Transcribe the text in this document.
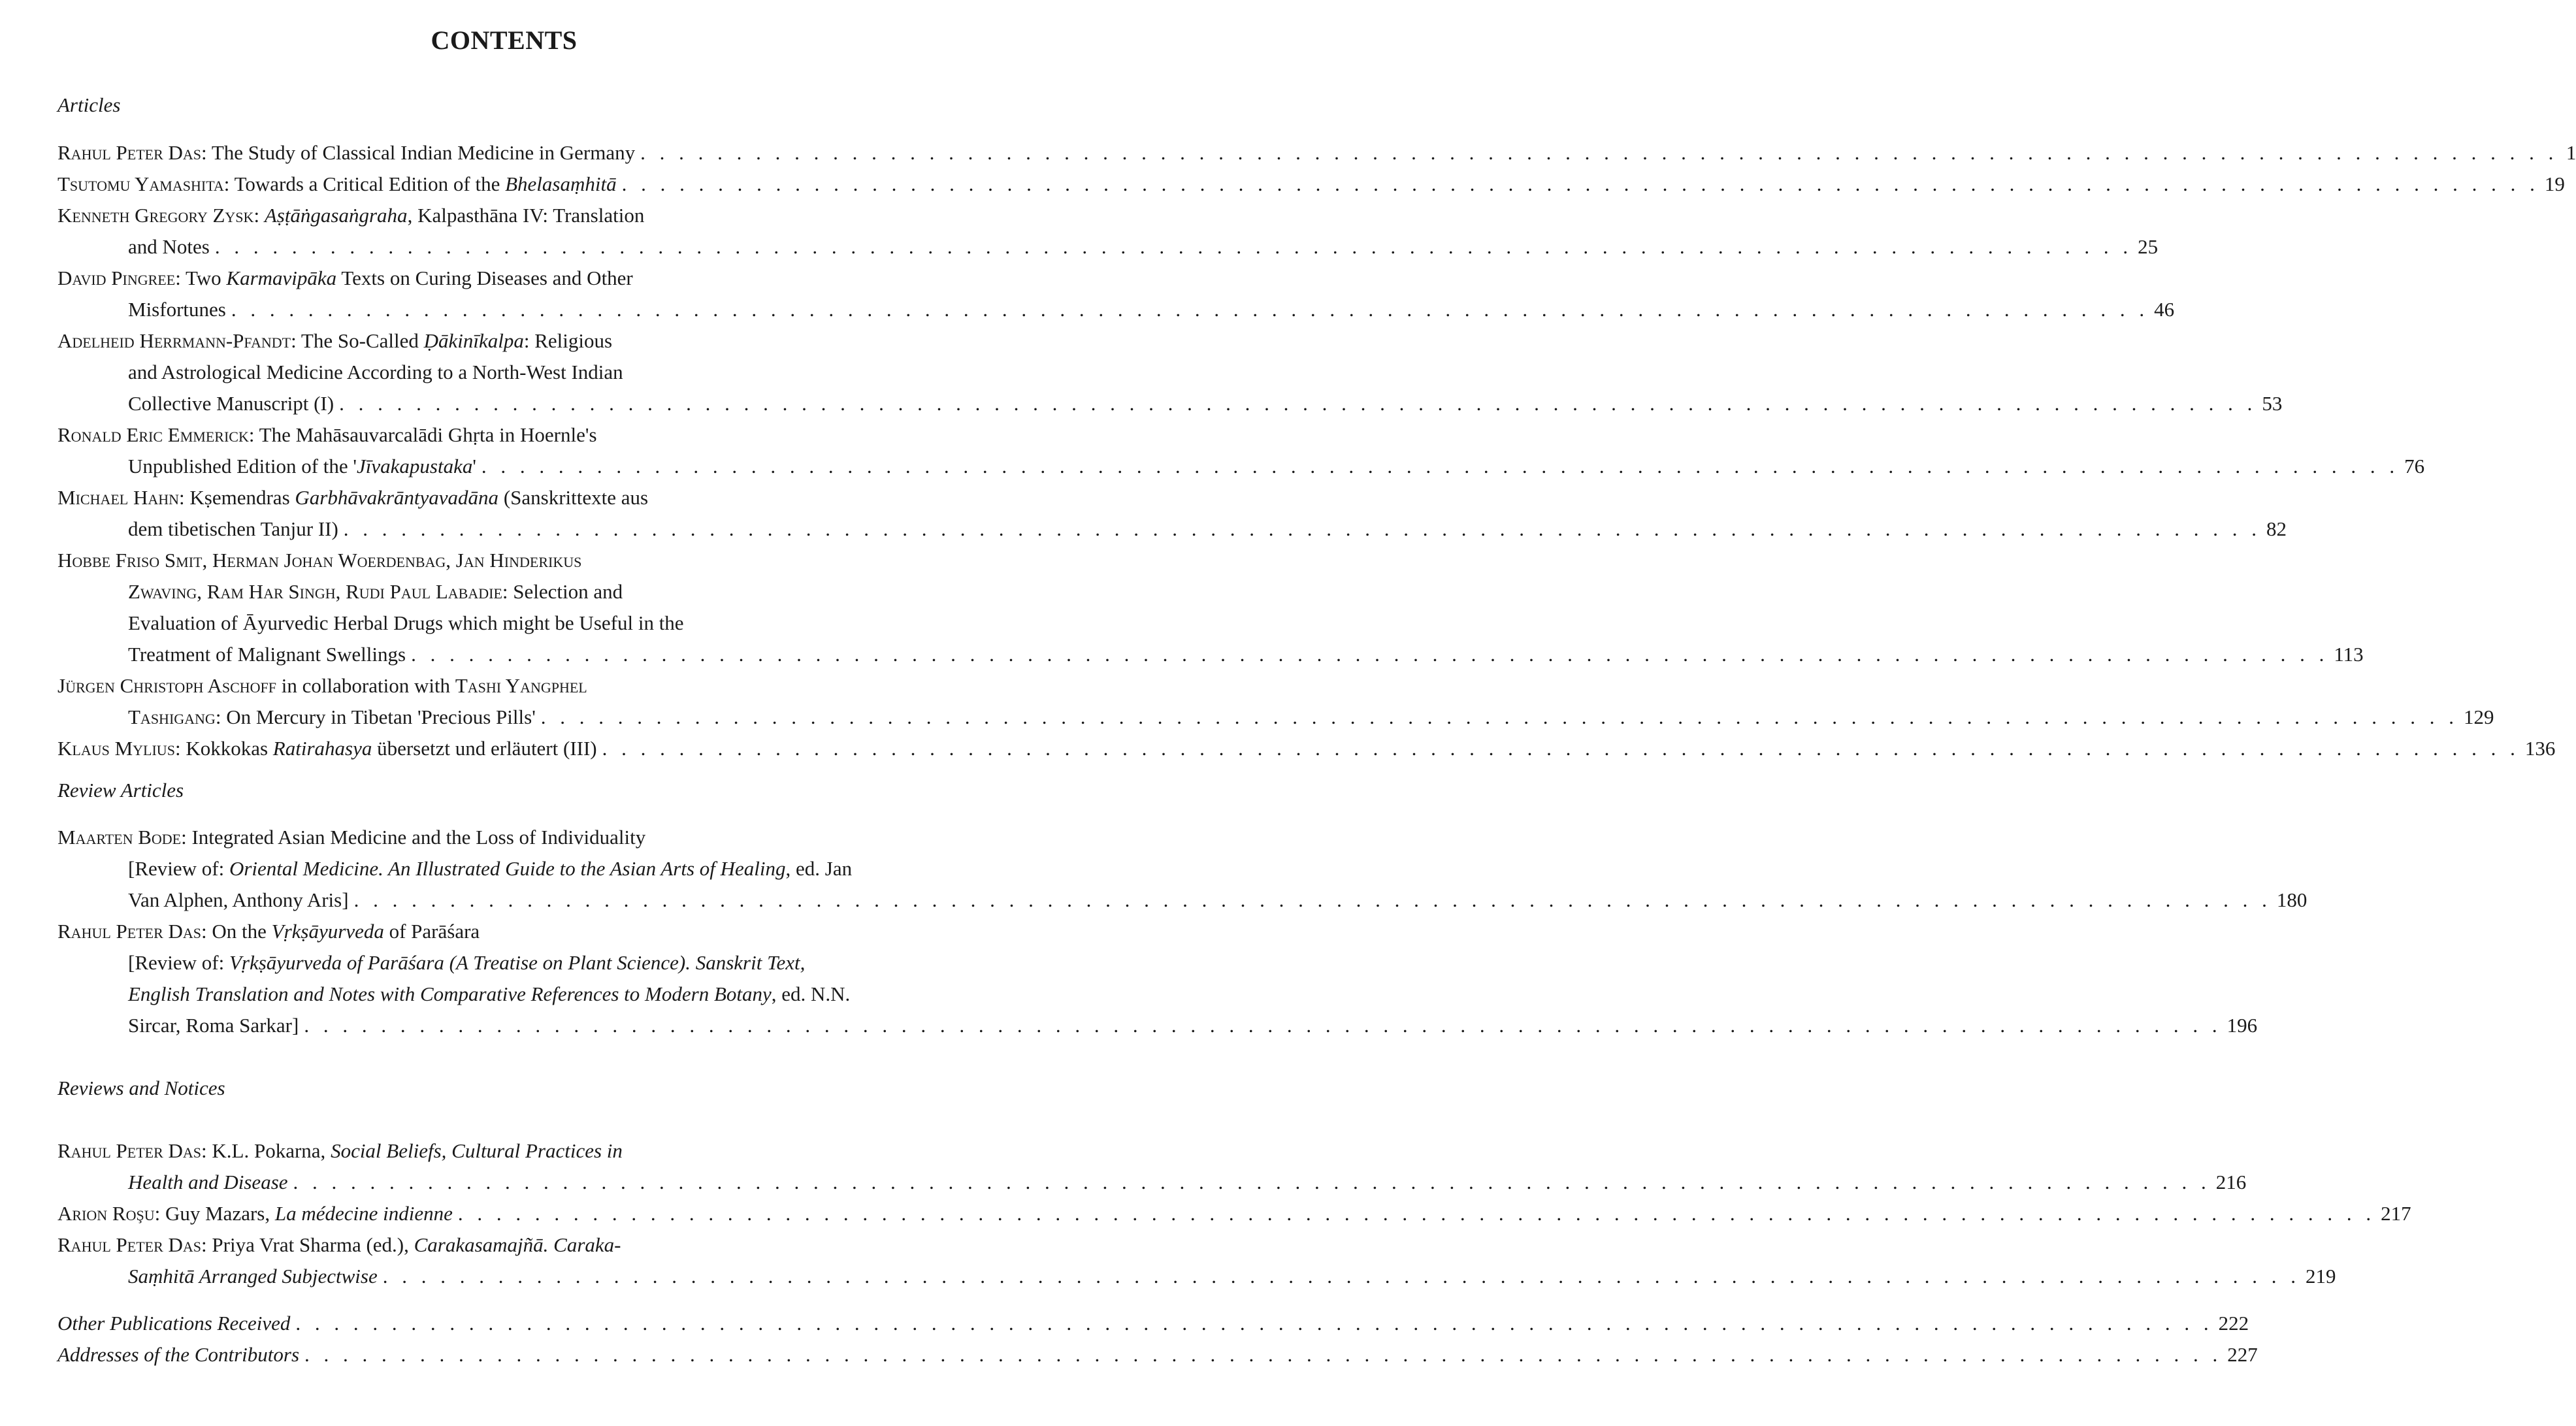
CONTENTS
Articles
Rahul Peter Das: The Study of Classical Indian Medicine in Germany . . . . . . . . . . . . . . . . . . . . . . . . . . . . . . . . . . . . . . . . . . . . . . . . . . . . . . . . . . . . . . . . . . . . . . . . . . . . . . . . . . . . . . . . . . . . . . . . . . . . 1
Tsutomu Yamashita: Towards a Critical Edition of the Bhelasaṃhitā . . . . . . . . . . . . . . . . . . . . . . . . . . . . . . . . . . . . . . . . . . . . . . . . . . . . . . . . . . . . . . . . . . . . . . . . . . . . . . . . . . . . . . . . . . . . . . . . . . . . 19
Kenneth Gregory Zysk: Aṣṭāṅgasaṅgraha, Kalpasthāna IV: Translation
and Notes . . . . . . . . . . . . . . . . . . . . . . . . . . . . . . . . . . . . . . . . . . . . . . . . . . . . . . . . . . . . . . . . . . . . . . . . . . . . . . . . . . . . . . . . . . . . . . . . . . . . 25
David Pingree: Two Karmavipāka Texts on Curing Diseases and Other
Misfortunes . . . . . . . . . . . . . . . . . . . . . . . . . . . . . . . . . . . . . . . . . . . . . . . . . . . . . . . . . . . . . . . . . . . . . . . . . . . . . . . . . . . . . . . . . . . . . . . . . . . . 46
Adelheid Herrmann-Pfandt: The So-Called Ḍākinīkalpa: Religious
and Astrological Medicine According to a North-West Indian
Collective Manuscript (I) . . . . . . . . . . . . . . . . . . . . . . . . . . . . . . . . . . . . . . . . . . . . . . . . . . . . . . . . . . . . . . . . . . . . . . . . . . . . . . . . . . . . . . . . . . . . . . . . . . . . 53
Ronald Eric Emmerick: The Mahāsauvarcalādi Ghṛta in Hoernle's
Unpublished Edition of the 'Jīvakapustaka' . . . . . . . . . . . . . . . . . . . . . . . . . . . . . . . . . . . . . . . . . . . . . . . . . . . . . . . . . . . . . . . . . . . . . . . . . . . . . . . . . . . . . . . . . . . . . . . . . . . . 76
Michael Hahn: Kṣemendras Garbhāvakrāntyavadāna (Sanskrittexte aus
dem tibetischen Tanjur II) . . . . . . . . . . . . . . . . . . . . . . . . . . . . . . . . . . . . . . . . . . . . . . . . . . . . . . . . . . . . . . . . . . . . . . . . . . . . . . . . . . . . . . . . . . . . . . . . . . . . 82
Hobbe Friso Smit, Herman Johan Woerdenbag, Jan Hinderikus
Zwaving, Ram Har Singh, Rudi Paul Labadie: Selection and
Evaluation of Āyurvedic Herbal Drugs which might be Useful in the
Treatment of Malignant Swellings . . . . . . . . . . . . . . . . . . . . . . . . . . . . . . . . . . . . . . . . . . . . . . . . . . . . . . . . . . . . . . . . . . . . . . . . . . . . . . . . . . . . . . . . . . . . . . . . . . . . 113
Jürgen Christoph Aschoff in collaboration with Tashi Yangphel
Tashigang: On Mercury in Tibetan 'Precious Pills' . . . . . . . . . . . . . . . . . . . . . . . . . . . . . . . . . . . . . . . . . . . . . . . . . . . . . . . . . . . . . . . . . . . . . . . . . . . . . . . . . . . . . . . . . . . . . . . . . . . . 129
Klaus Mylius: Kokkokas Ratirahasya übersetzt und erläutert (III) . . . . . . . . . . . . . . . . . . . . . . . . . . . . . . . . . . . . . . . . . . . . . . . . . . . . . . . . . . . . . . . . . . . . . . . . . . . . . . . . . . . . . . . . . . . . . . . . . . . . 136
Review Articles
Maarten Bode: Integrated Asian Medicine and the Loss of Individuality
[Review of: Oriental Medicine. An Illustrated Guide to the Asian Arts of Healing, ed. Jan
Van Alphen, Anthony Aris] . . . . . . . . . . . . . . . . . . . . . . . . . . . . . . . . . . . . . . . . . . . . . . . . . . . . . . . . . . . . . . . . . . . . . . . . . . . . . . . . . . . . . . . . . . . . . . . . . . . . 180
Rahul Peter Das: On the Vṛkṣāyurveda of Parāśara
[Review of: Vṛkṣāyurveda of Parāśara (A Treatise on Plant Science). Sanskrit Text,
English Translation and Notes with Comparative References to Modern Botany, ed. N.N.
Sircar, Roma Sarkar] . . . . . . . . . . . . . . . . . . . . . . . . . . . . . . . . . . . . . . . . . . . . . . . . . . . . . . . . . . . . . . . . . . . . . . . . . . . . . . . . . . . . . . . . . . . . . . . . . . . . 196
Reviews and Notices
Rahul Peter Das: K.L. Pokarna, Social Beliefs, Cultural Practices in
Health and Disease . . . . . . . . . . . . . . . . . . . . . . . . . . . . . . . . . . . . . . . . . . . . . . . . . . . . . . . . . . . . . . . . . . . . . . . . . . . . . . . . . . . . . . . . . . . . . . . . . . . . 216
Arion Roşu: Guy Mazars, La médecine indienne . . . . . . . . . . . . . . . . . . . . . . . . . . . . . . . . . . . . . . . . . . . . . . . . . . . . . . . . . . . . . . . . . . . . . . . . . . . . . . . . . . . . . . . . . . . . . . . . . . . . 217
Rahul Peter Das: Priya Vrat Sharma (ed.), Carakasamajñā. Caraka-
Saṃhitā Arranged Subjectwise . . . . . . . . . . . . . . . . . . . . . . . . . . . . . . . . . . . . . . . . . . . . . . . . . . . . . . . . . . . . . . . . . . . . . . . . . . . . . . . . . . . . . . . . . . . . . . . . . . . . 219
Other Publications Received . . . . . . . . . . . . . . . . . . . . . . . . . . . . . . . . . . . . . . . . . . . . . . . . . . . . . . . . . . . . . . . . . . . . . . . . . . . . . . . . . . . . . . . . . . . . . . . . . . . . 222
Addresses of the Contributors . . . . . . . . . . . . . . . . . . . . . . . . . . . . . . . . . . . . . . . . . . . . . . . . . . . . . . . . . . . . . . . . . . . . . . . . . . . . . . . . . . . . . . . . . . . . . . . . . . . . 227
